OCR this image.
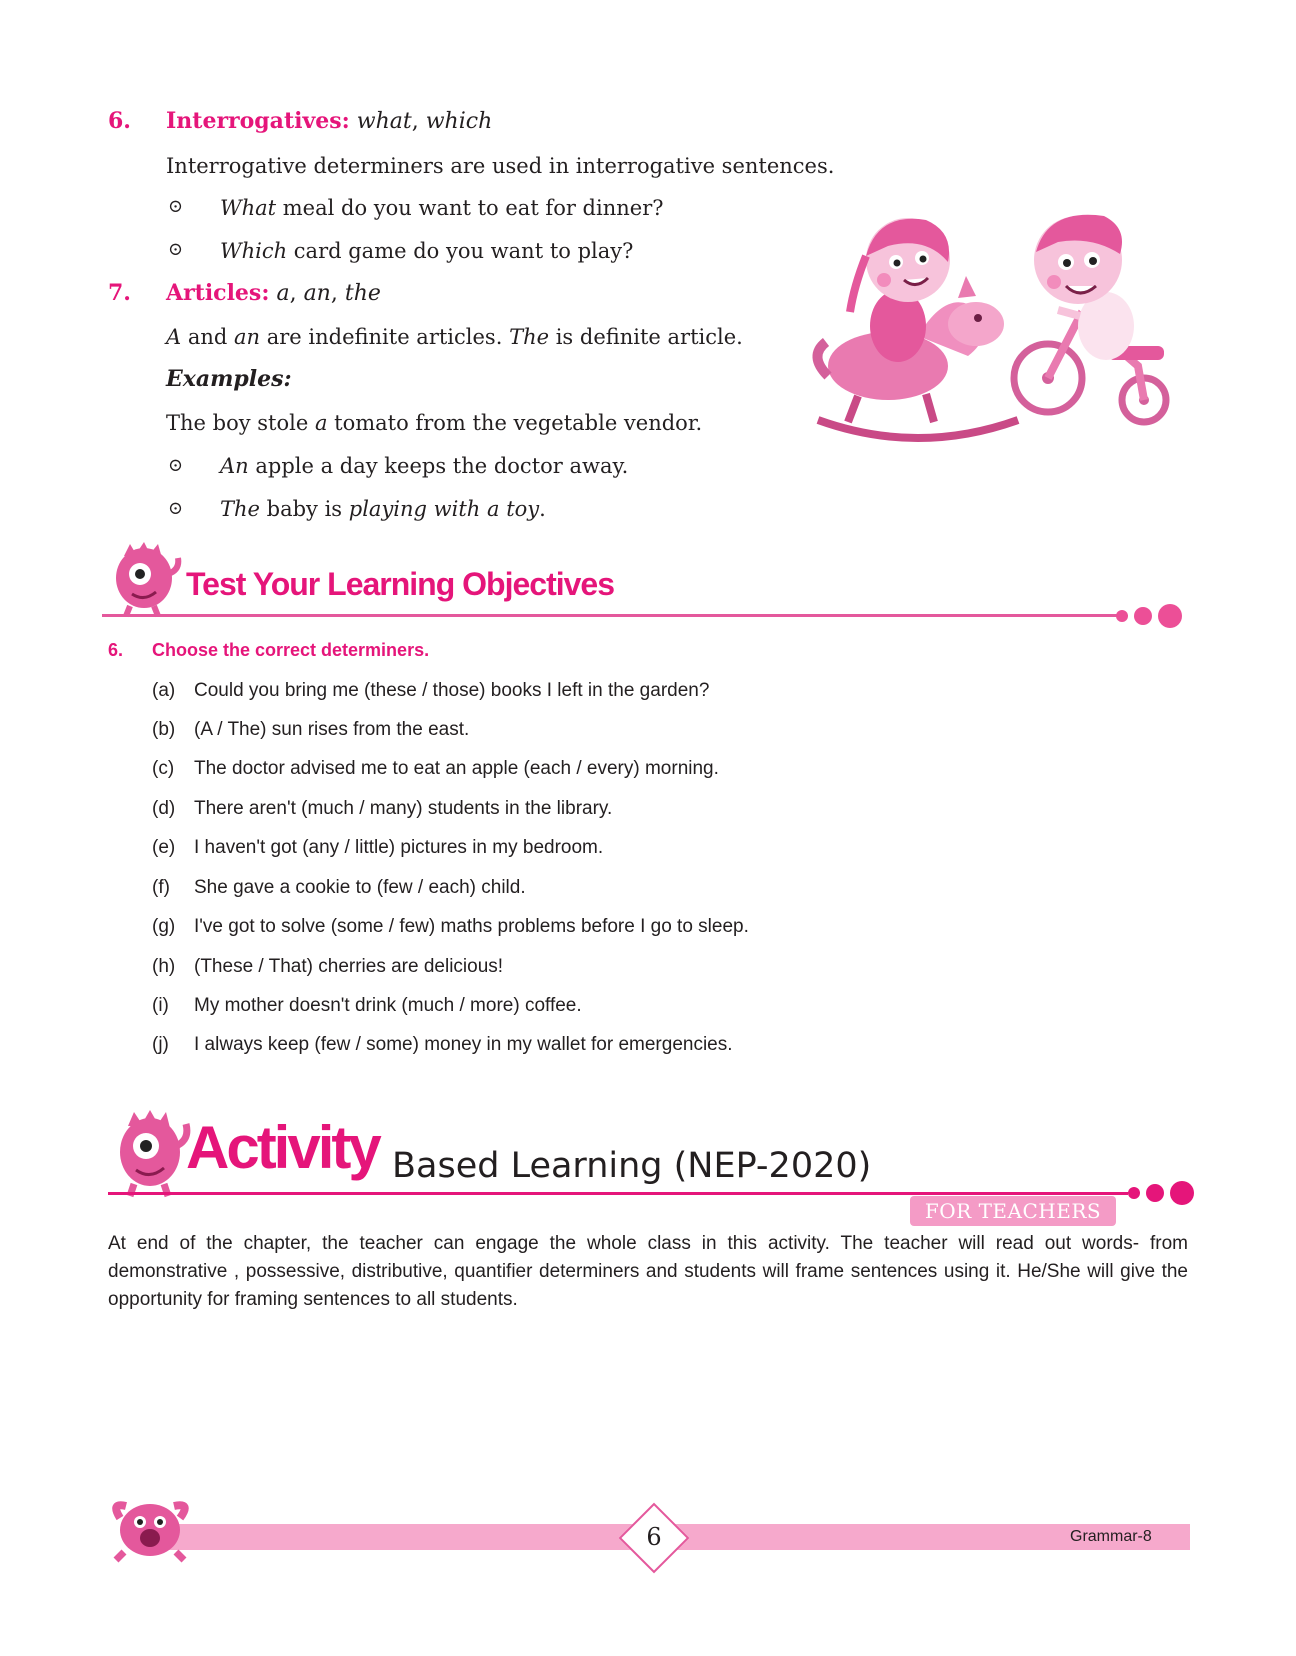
6. Interrogatives: what, which
Interrogative determiners are used in interrogative sentences.
⊙ What meal do you want to eat for dinner?
⊙ Which card game do you want to play?
7. Articles: a, an, the
A and an are indefinite articles. The is definite article.
Examples:
The boy stole a tomato from the vegetable vendor.
⊙ An apple a day keeps the doctor away.
⊙ The baby is playing with a toy.
Test Your Learning Objectives
6. Choose the correct determiners.
(a) Could you bring me (these / those) books I left in the garden?
(b) (A / The) sun rises from the east.
(c) The doctor advised me to eat an apple (each / every) morning.
(d) There aren't (much / many) students in the library.
(e) I haven't got (any / little) pictures in my bedroom.
(f) She gave a cookie to (few / each) child.
(g) I've got to solve (some / few) maths problems before I go to sleep.
(h) (These / That) cherries are delicious!
(i) My mother doesn't drink (much / more) coffee.
(j) I always keep (few / some) money in my wallet for emergencies.
Activity Based Learning (NEP-2020)
FOR TEACHERS
At end of the chapter, the teacher can engage the whole class in this activity. The teacher will read out words- from demonstrative , possessive, distributive, quantifier determiners and students will frame sentences using it. He/She will give the opportunity for framing sentences to all students.
6	Grammar-8
